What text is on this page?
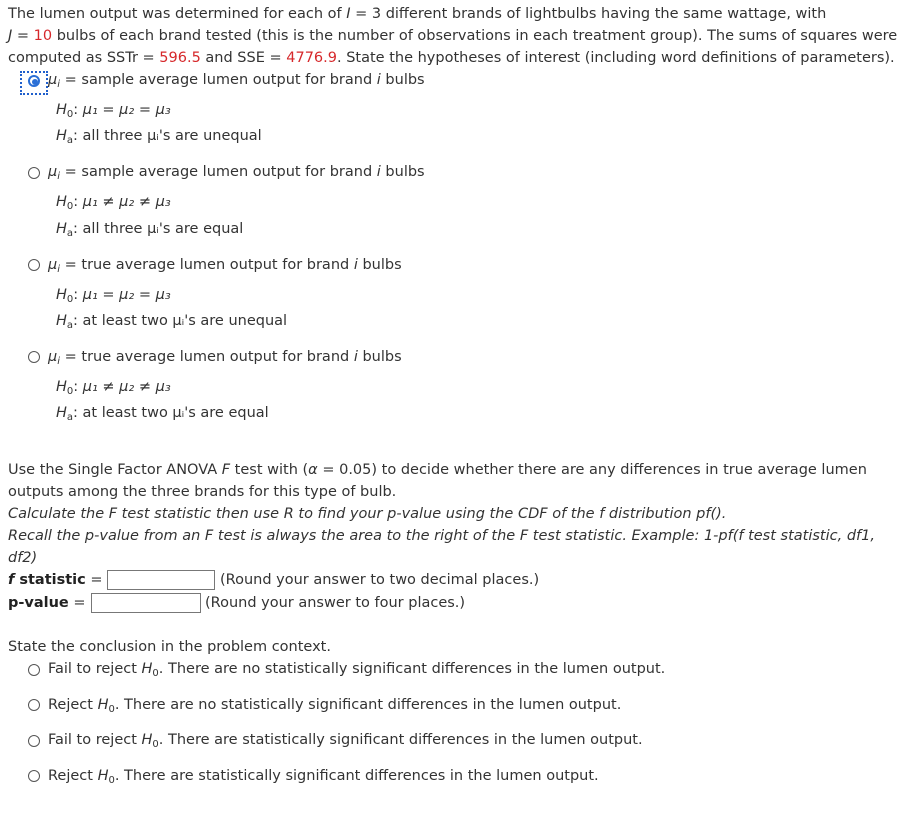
The lumen output was determined for each of I = 3 different brands of lightbulbs having the same wattage, with
J = 10 bulbs of each brand tested (this is the number of observations in each treatment group). The sums of squares were
computed as SSTr = 596.5 and SSE = 4776.9. State the hypotheses of interest (including word definitions of parameters).
$\mu_i$ = sample average lumen output for brand i bulbs
$H_0$: μ₁ = μ₂ = μ₃
$H_a$: all three μᵢ's are unequal
$\mu_i$ = sample average lumen output for brand i bulbs
$H_0$: μ₁ ≠ μ₂ ≠ μ₃
$H_a$: all three μᵢ's are equal
$\mu_i$ = true average lumen output for brand i bulbs
$H_0$: μ₁ = μ₂ = μ₃
$H_a$: at least two μᵢ's are unequal
$\mu_i$ = true average lumen output for brand i bulbs
$H_0$: μ₁ ≠ μ₂ ≠ μ₃
$H_a$: at least two μᵢ's are equal
Use the Single Factor ANOVA F test with (α = 0.05) to decide whether there are any differences in true average lumen
outputs among the three brands for this type of bulb.
Calculate the F test statistic then use R to find your p-value using the CDF of the f distribution pf().
Recall the p-value from an F test is always the area to the right of the F test statistic. Example: 1-pf(f test statistic, df1,
df2)
f statistic =	(Round your answer to two decimal places.)
p-value =	(Round your answer to four places.)
State the conclusion in the problem context.
Fail to reject $H_0$. There are no statistically significant differences in the lumen output.
Reject $H_0$. There are no statistically significant differences in the lumen output.
Fail to reject $H_0$. There are statistically significant differences in the lumen output.
Reject $H_0$. There are statistically significant differences in the lumen output.
